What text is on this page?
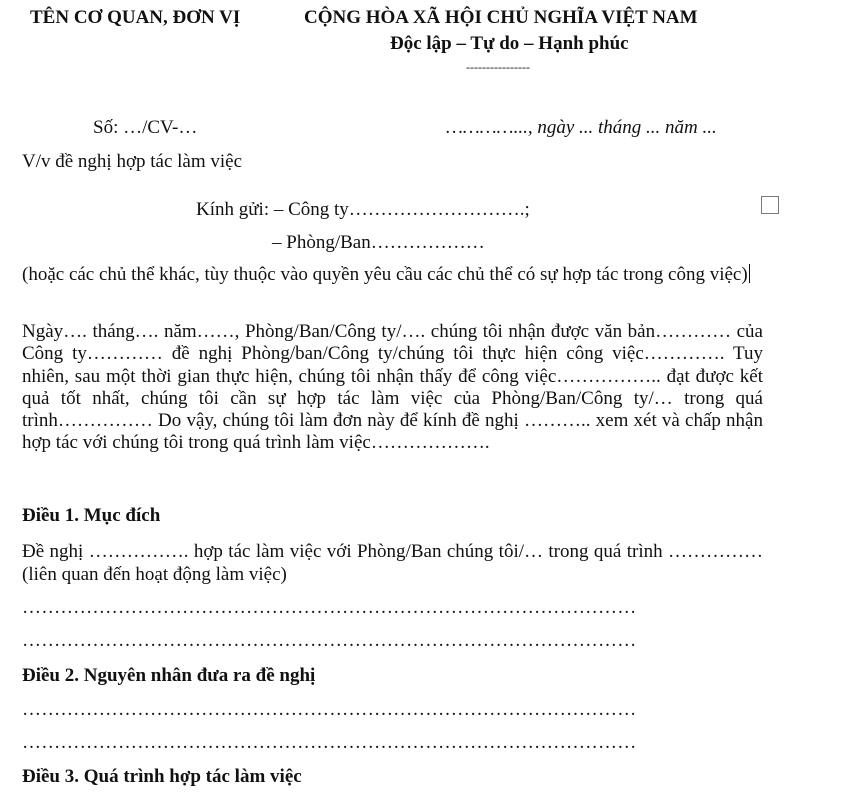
TÊN CƠ QUAN, ĐƠN VỊ	CỘNG HÒA XÃ HỘI CHỦ NGHĨA VIỆT NAM
Độc lập – Tự do – Hạnh phúc
----------------
Số: …/CV-…	…………..., ngày ... tháng ... năm ...
V/v đề nghị hợp tác làm việc
Kính gửi: – Công ty……………………….;
– Phòng/Ban………………
(hoặc các chủ thể khác, tùy thuộc vào quyền yêu cầu các chủ thể có sự hợp tác trong công việc)
Ngày…. tháng…. năm……, Phòng/Ban/Công ty/…. chúng tôi nhận được văn bản………… của Công ty………… đề nghị Phòng/ban/Công ty/chúng tôi thực hiện công việc…………. Tuy nhiên, sau một thời gian thực hiện, chúng tôi nhận thấy để công việc…………….. đạt được kết quả tốt nhất, chúng tôi cần sự hợp tác làm việc của Phòng/Ban/Công ty/… trong quá trình…………… Do vậy, chúng tôi làm đơn này để kính đề nghị ……….. xem xét và chấp nhận hợp tác với chúng tôi trong quá trình làm việc……………….
Điều 1. Mục đích
Đề nghị ……………. hợp tác làm việc với Phòng/Ban chúng tôi/… trong quá trình …………… (liên quan đến hoạt động làm việc)
……………………………………………………………………………………
……………………………………………………………………………………
Điều 2. Nguyên nhân đưa ra đề nghị
……………………………………………………………………………………
……………………………………………………………………………………
Điều 3. Quá trình hợp tác làm việc
